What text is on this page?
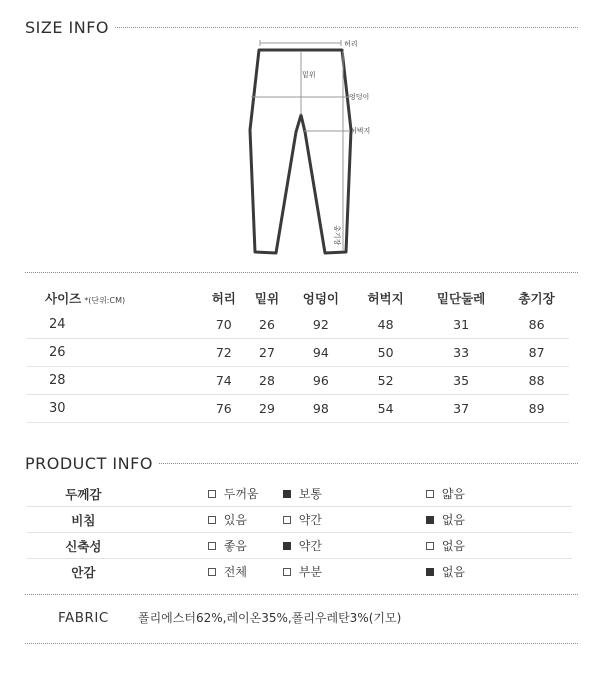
SIZE INFO
허리
밑위
엉덩이
허벅지
총기장
사이즈 *(단위:CM)	허리	밑위	엉덩이	허벅지	밑단둘레	총기장
24	70	26	92	48	31	86
26	72	27	94	50	33	87
28	74	28	96	52	35	88
30	76	29	98	54	37	89
PRODUCT INFO
두께감	두꺼움	보통	얇음

비침	있음	약간	없음

신축성	좋음	약간	없음

안감	전체	부분	없음
FABRIC	폴리에스터62%,레이온35%,폴리우레탄3%(기모)
